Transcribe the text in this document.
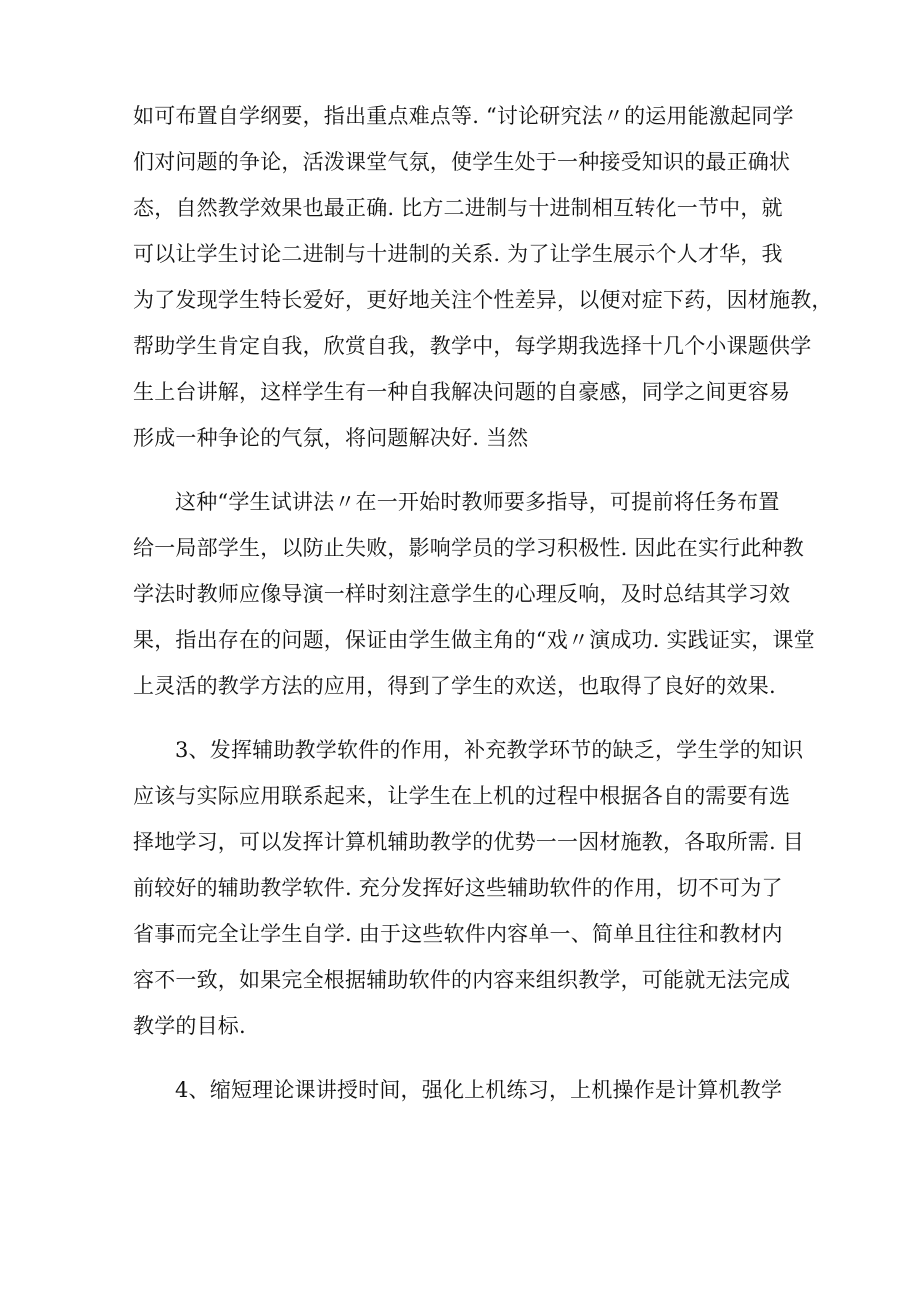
如可布置自学纲要，指出重点难点等. “讨论研究法〃的运用能激起同学
们对问题的争论，活泼课堂气氛，使学生处于一种接受知识的最正确状
态，自然教学效果也最正确. 比方二进制与十进制相互转化一节中，就
可以让学生讨论二进制与十进制的关系. 为了让学生展示个人才华，我
为了发现学生特长爱好，更好地关注个性差异，以便对症下药，因材施教，
帮助学生肯定自我，欣赏自我，教学中，每学期我选择十几个小课题供学
生上台讲解，这样学生有一种自我解决问题的自豪感，同学之间更容易
形成一种争论的气氛，将问题解决好. 当然
这种“学生试讲法〃在一开始时教师要多指导，可提前将任务布置
给一局部学生，以防止失败，影响学员的学习积极性. 因此在实行此种教
学法时教师应像导演一样时刻注意学生的心理反响，及时总结其学习效
果，指出存在的问题，保证由学生做主角的“戏〃演成功. 实践证实，课堂
上灵活的教学方法的应用，得到了学生的欢送，也取得了良好的效果.
3、发挥辅助教学软件的作用，补充教学环节的缺乏，学生学的知识
应该与实际应用联系起来，让学生在上机的过程中根据各自的需要有选
择地学习，可以发挥计算机辅助教学的优势一一因材施教，各取所需. 目
前较好的辅助教学软件. 充分发挥好这些辅助软件的作用，切不可为了
省事而完全让学生自学. 由于这些软件内容单一、简单且往往和教材内
容不一致，如果完全根据辅助软件的内容来组织教学，可能就无法完成
教学的目标.
4、缩短理论课讲授时间，强化上机练习，上机操作是计算机教学
